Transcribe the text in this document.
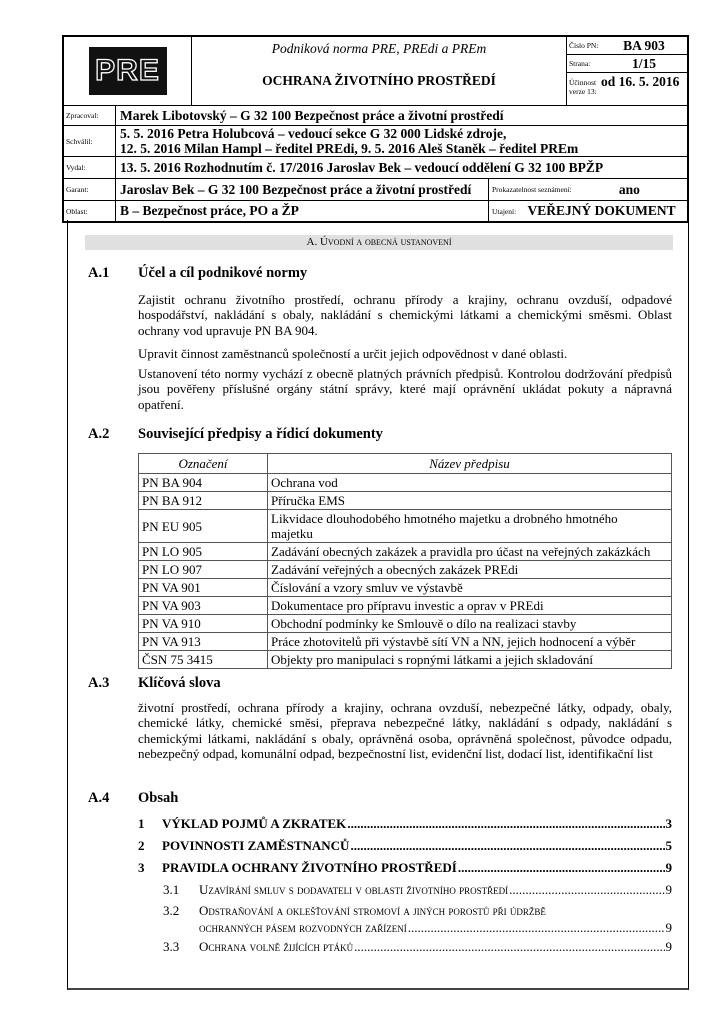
PRE
Podniková norma PRE, PREdi a PREm
OCHRANA ŽIVOTNÍHO PROSTŘEDÍ
Číslo PN:	BA 903
Strana:	1/15
Účinnost verze 13:
od 16. 5. 2016
Zpracoval:	Marek Libotovský – G 32 100 Bezpečnost práce a životní prostředí
Schválil:	5. 5. 2016 Petra Holubcová – vedoucí sekce G 32 000 Lidské zdroje,
12. 5. 2016 Milan Hampl – ředitel PREdi, 9. 5. 2016 Aleš Staněk – ředitel PREm
Vydal:	13. 5. 2016 Rozhodnutím č. 17/2016 Jaroslav Bek – vedoucí oddělení G 32 100 BPŽP
Garant:	Jaroslav Bek – G 32 100 Bezpečnost práce a životní prostředí	Prokazatelnost seznámení:	ano
Oblast:	B – Bezpečnost práce, PO a ŽP	Utajení: VEŘEJNÝ DOKUMENT
A. Úvodní a obecná ustanovení
A.1 Účel a cíl podnikové normy
Zajistit ochranu životního prostředí, ochranu přírody a krajiny, ochranu ovzduší, odpadové hospodářství, nakládání s obaly, nakládání s chemickými látkami a chemickými směsmi. Oblast ochrany vod upravuje PN BA 904.
Upravit činnost zaměstnanců společností a určit jejich odpovědnost v dané oblasti.
Ustanovení této normy vychází z obecně platných právních předpisů. Kontrolou dodržování předpisů jsou pověřeny příslušné orgány státní správy, které mají oprávnění ukládat pokuty a nápravná opatření.
A.2 Související předpisy a řídicí dokumenty
Označení	Název předpisu
PN BA 904	Ochrana vod
PN BA 912	Příručka EMS
PN EU 905	Likvidace dlouhodobého hmotného majetku a drobného hmotného majetku
PN LO 905	Zadávání obecných zakázek a pravidla pro účast na veřejných zakázkách
PN LO 907	Zadávání veřejných a obecných zakázek PREdi
PN VA 901	Číslování a vzory smluv ve výstavbě
PN VA 903	Dokumentace pro přípravu investic a oprav v PREdi
PN VA 910	Obchodní podmínky ke Smlouvě o dílo na realizaci stavby
PN VA 913	Práce zhotovitelů při výstavbě sítí VN a NN, jejich hodnocení a výběr
ČSN 75 3415	Objekty pro manipulaci s ropnými látkami a jejich skladování
A.3 Klíčová slova
životní prostředí, ochrana přírody a krajiny, ochrana ovzduší, nebezpečné látky, odpady, obaly, chemické látky, chemické směsi, přeprava nebezpečné látky, nakládání s odpady, nakládání s chemickými látkami, nakládání s obaly, oprávněná osoba, oprávněná společnost, původce odpadu, nebezpečný odpad, komunální odpad, bezpečnostní list, evidenční list, dodací list, identifikační list
A.4 Obsah
1	VÝKLAD POJMŮ A ZKRATEK .....	3
2	POVINNOSTI ZAMĚSTNANCŮ .....	5
3	PRAVIDLA OCHRANY ŽIVOTNÍHO PROSTŘEDÍ .....	9
3.1	Uzavírání smluv s dodavateli v oblasti životního prostředí .....	9
3.2	Odstraňování a oklešťování stromoví a jiných porostů při údržbě
ochranných pásem rozvodných zařízení .....	9
3.3	Ochrana volně žijících ptáků .....	9
